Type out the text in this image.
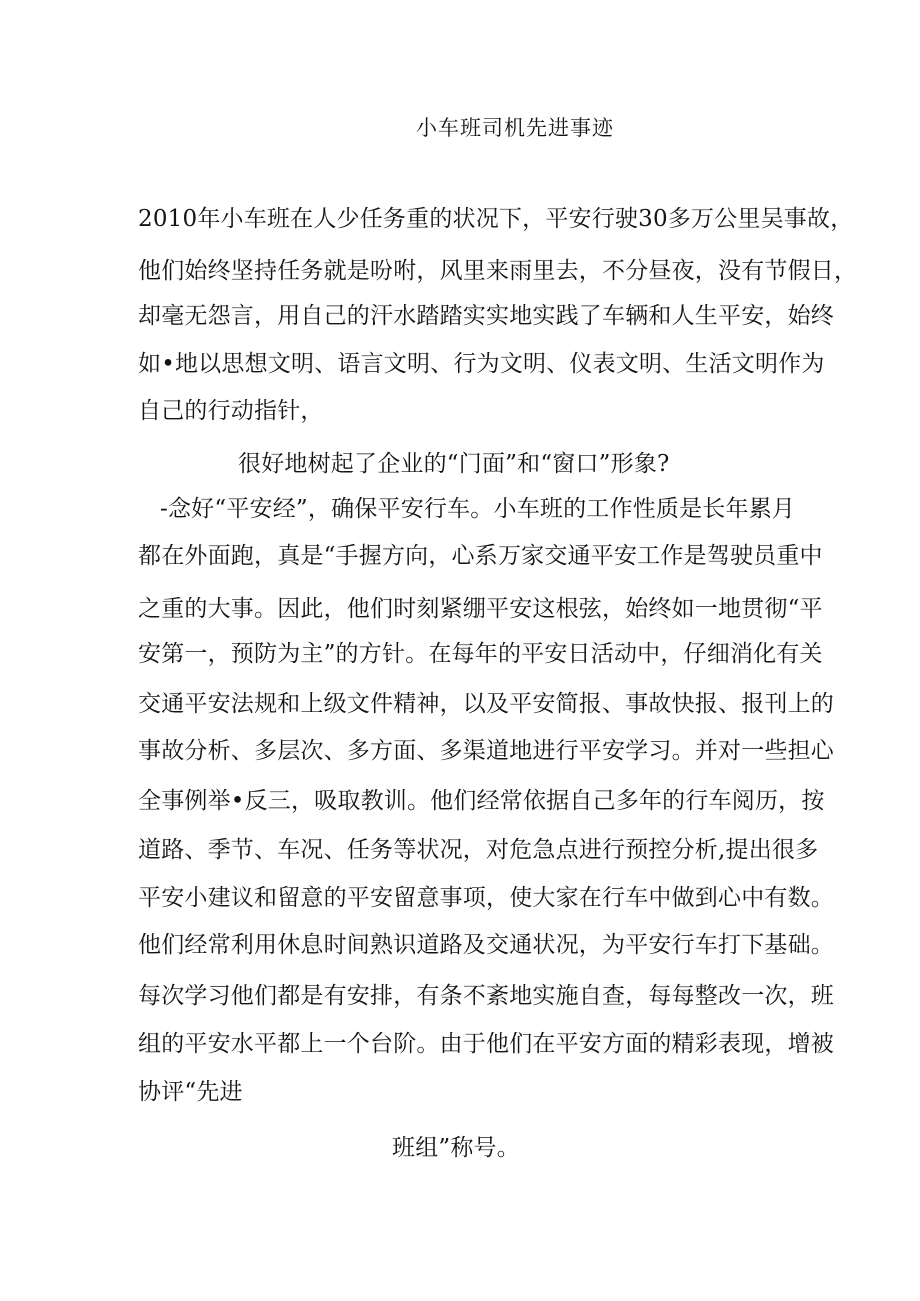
小车班司机先进事迹
2010年小车班在人少任务重的状况下，平安行驶30多万公里吴事故，
他们始终坚持任务就是吩咐，风里来雨里去，不分昼夜，没有节假日，
却毫无怨言，用自己的汗水踏踏实实地实践了车辆和人生平安，始终
如•地以思想文明、语言文明、行为文明、仪表文明、生活文明作为
自己的行动指针，
很好地树起了企业的“门面”和“窗口”形象?
-念好“平安经”，确保平安行车。小车班的工作性质是长年累月
都在外面跑，真是“手握方向，心系万家交通平安工作是驾驶员重中
之重的大事。因此，他们时刻紧绷平安这根弦，始终如一地贯彻“平
安第一，预防为主”的方针。在每年的平安日活动中，仔细消化有关
交通平安法规和上级文件精神，以及平安简报、事故快报、报刊上的
事故分析、多层次、多方面、多渠道地进行平安学习。并对一些担心
全事例举•反三，吸取教训。他们经常依据自己多年的行车阅历，按
道路、季节、车况、任务等状况，对危急点进行预控分析,提出很多
平安小建议和留意的平安留意事项，使大家在行车中做到心中有数。
他们经常利用休息时间熟识道路及交通状况，为平安行车打下基础。
每次学习他们都是有安排，有条不紊地实施自查，每每整改一次，班
组的平安水平都上一个台阶。由于他们在平安方面的精彩表现，增被
协评“先进
班组”称号。
